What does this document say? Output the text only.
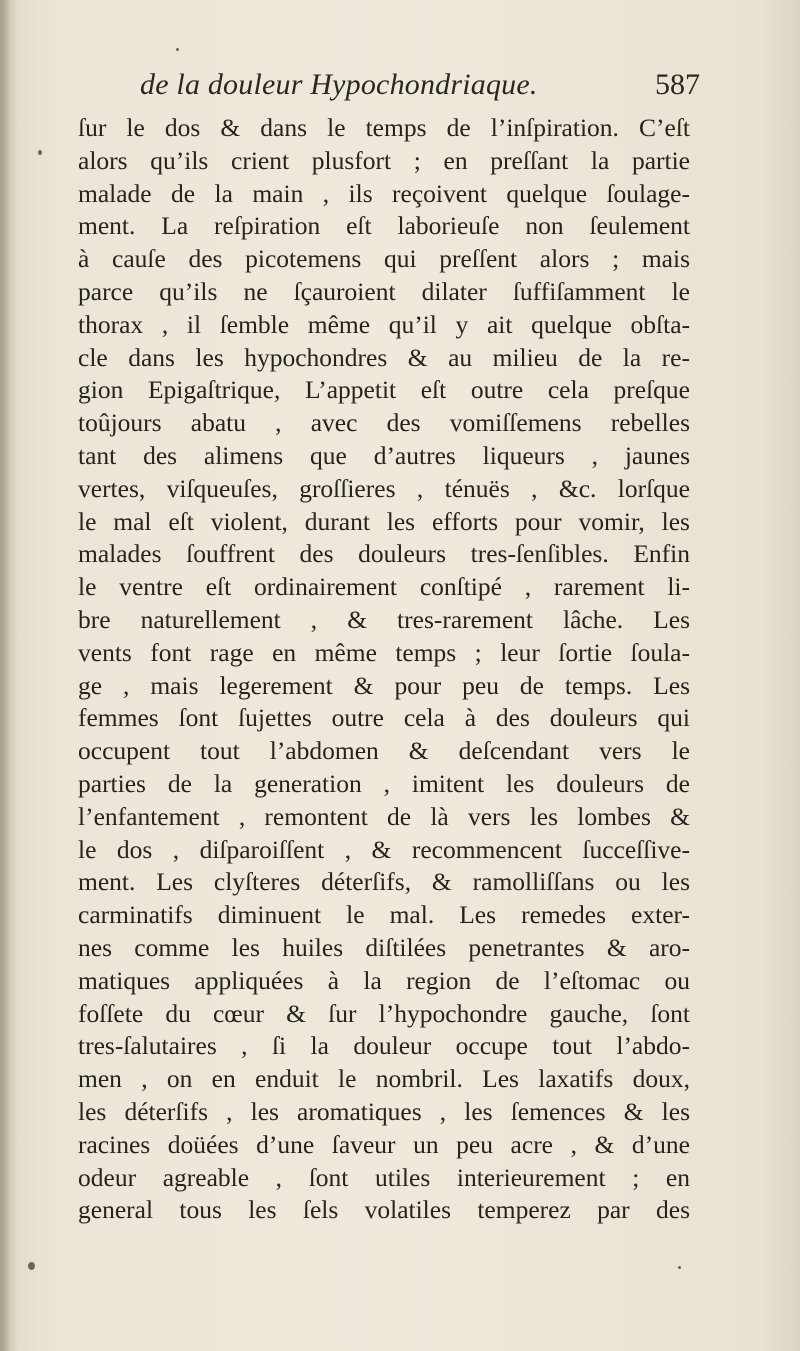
de la douleur Hypochondriaque.	587
ſur le dos & dans le temps de l’inſpiration. C’eſt
alors qu’ils crient plusfort ; en preſſant la partie
malade de la main , ils reçoivent quelque ſoulage-
ment. La reſpiration eſt laborieuſe non ſeulement
à cauſe des picotemens qui preſſent alors ; mais
parce qu’ils ne ſçauroient dilater ſuffiſamment le
thorax , il ſemble même qu’il y ait quelque obſta-
cle dans les hypochondres & au milieu de la re-
gion Epigaſtrique, L’appetit eſt outre cela preſque
toûjours abatu , avec des vomiſſemens rebelles
tant des alimens que d’autres liqueurs , jaunes
vertes, viſqueuſes, groſſieres , ténuës , &c. lorſque
le mal eſt violent, durant les efforts pour vomir, les
malades ſouffrent des douleurs tres-ſenſibles. Enfin
le ventre eſt ordinairement conſtipé , rarement li-
bre naturellement , & tres-rarement lâche. Les
vents font rage en même temps ; leur ſortie ſoula-
ge , mais legerement & pour peu de temps. Les
femmes ſont ſujettes outre cela à des douleurs qui
occupent tout l’abdomen & deſcendant vers le
parties de la generation , imitent les douleurs de
l’enfantement , remontent de là vers les lombes &
le dos , diſparoiſſent , & recommencent ſucceſſive-
ment. Les clyſteres déterſifs, & ramolliſſans ou les
carminatifs diminuent le mal. Les remedes exter-
nes comme les huiles diſtilées penetrantes & aro-
matiques appliquées à la region de l’eſtomac ou
foſſete du cœur & ſur l’hypochondre gauche, ſont
tres-ſalutaires , ſi la douleur occupe tout l’abdo-
men , on en enduit le nombril. Les laxatifs doux,
les déterſifs , les aromatiques , les ſemences & les
racines doüées d’une ſaveur un peu acre , & d’une
odeur agreable , ſont utiles interieurement ; en
general tous les ſels volatiles temperez par des
